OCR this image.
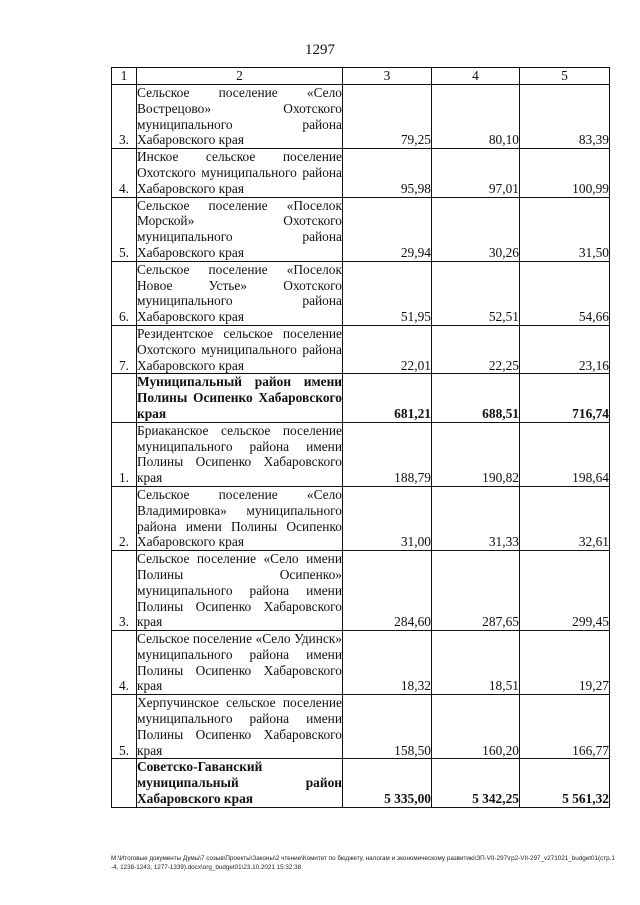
1297
1	2	3	4	5
3.	Сельское поселение «Село Вострецово» Охотского муниципального района Хабаровского края	79,25	80,10	83,39
4.	Инское сельское поселение Охотского муниципального района Хабаровского края	95,98	97,01	100,99
5.	Сельское поселение «Поселок Морской» Охотского муниципального района Хабаровского края	29,94	30,26	31,50
6.	Сельское поселение «Поселок Новое Устье» Охотского муниципального района Хабаровского края	51,95	52,51	54,66
7.	Резидентское сельское поселение Охотского муниципального района Хабаровского края	22,01	22,25	23,16
	Муниципальный район имени Полины Осипенко Хабаровского края	681,21	688,51	716,74
1.	Бриаканское сельское поселение муниципального района имени Полины Осипенко Хабаровского края	188,79	190,82	198,64
2.	Сельское поселение «Село Владимировка» муниципального района имени Полины Осипенко Хабаровского края	31,00	31,33	32,61
3.	Сельское поселение «Село имени Полины Осипенко» муниципального района имени Полины Осипенко Хабаровского края	284,60	287,65	299,45
4.	Сельское поселение «Село Удинск» муниципального района имени Полины Осипенко Хабаровского края	18,32	18,51	19,27
5.	Херпучинское сельское поселение муниципального района имени Полины Осипенко Хабаровского края	158,50	160,20	166,77
	Советско-Гаванский муниципальный район Хабаровского края	5 335,00	5 342,25	5 561,32
М:\Итоговые документы Думы\7 созыв\Проекты\Законы\2 чтение\Комитет по бюджету, налогам и экономическому развитию\ЗП-VII-297\гр2-VII-297_v271021_budget01(стр.1-4, 1238-1243, 1277-1339).docx\org_budget01\23.10.2021 15:32:38
